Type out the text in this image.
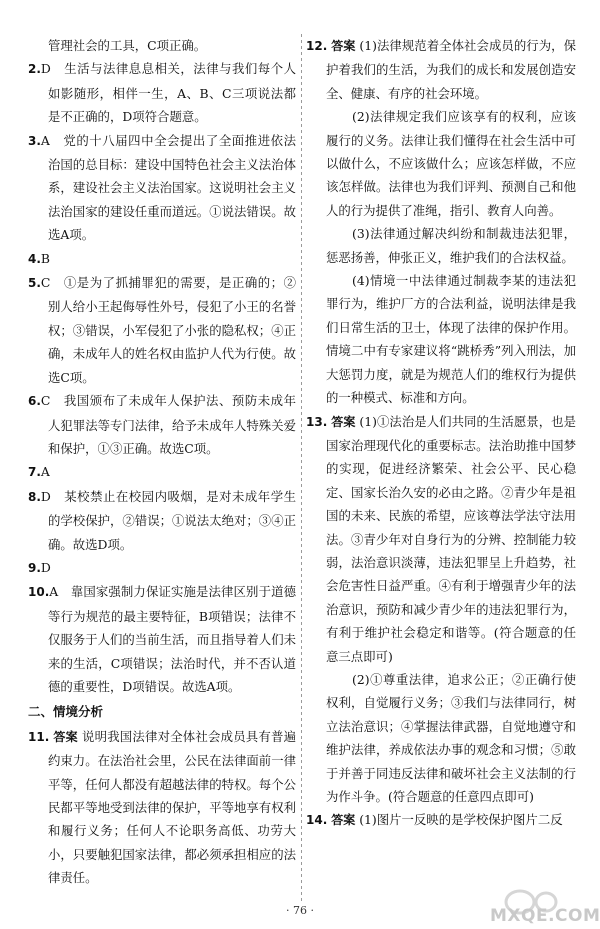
管理社会的工具，C项正确。
2.D　生活与法律息息相关，法律与我们每个人如影随形，相伴一生，A、B、C三项说法都是不正确的，D项符合题意。
3.A　党的十八届四中全会提出了全面推进依法治国的总目标：建设中国特色社会主义法治体系，建设社会主义法治国家。这说明社会主义法治国家的建设任重而道远。①说法错误。故选A项。
4.B
5.C　①是为了抓捕罪犯的需要，是正确的；②别人给小王起侮辱性外号，侵犯了小王的名誉权；③错误，小军侵犯了小张的隐私权；④正确，未成年人的姓名权由监护人代为行使。故选C项。
6.C　我国颁布了未成年人保护法、预防未成年人犯罪法等专门法律，给予未成年人特殊关爱和保护，①③正确。故选C项。
7.A
8.D　某校禁止在校园内吸烟，是对未成年学生的学校保护，②错误；①说法太绝对；③④正确。故选D项。
9.D
10.A　靠国家强制力保证实施是法律区别于道德等行为规范的最主要特征，B项错误；法律不仅服务于人们的当前生活，而且指导着人们未来的生活，C项错误；法治时代，并不否认道德的重要性，D项错误。故选A项。
二、情境分析
11. 答案 说明我国法律对全体社会成员具有普遍约束力。在法治社会里，公民在法律面前一律平等，任何人都没有超越法律的特权。每个公民都平等地受到法律的保护，平等地享有权利和履行义务；任何人不论职务高低、功劳大小，只要触犯国家法律，都必须承担相应的法律责任。
12. 答案 (1)法律规范着全体社会成员的行为，保护着我们的生活，为我们的成长和发展创造安全、健康、有序的社会环境。
(2)法律规定我们应该享有的权利，应该履行的义务。法律让我们懂得在社会生活中可以做什么，不应该做什么；应该怎样做，不应该怎样做。法律也为我们评判、预测自己和他人的行为提供了准绳，指引、教育人向善。
(3)法律通过解决纠纷和制裁违法犯罪，惩恶扬善，伸张正义，维护我们的合法权益。
(4)情境一中法律通过制裁李某的违法犯罪行为，维护厂方的合法利益，说明法律是我们日常生活的卫士，体现了法律的保护作用。情境二中有专家建议将“跳桥秀”列入刑法，加大惩罚力度，就是为规范人们的维权行为提供的一种模式、标准和方向。
13. 答案 (1)①法治是人们共同的生活愿景，也是国家治理现代化的重要标志。法治助推中国梦的实现，促进经济繁荣、社会公平、民心稳定、国家长治久安的必由之路。②青少年是祖国的未来、民族的希望，应该尊法学法守法用法。③青少年对自身行为的分辨、控制能力较弱，法治意识淡薄，违法犯罪呈上升趋势，社会危害性日益严重。④有利于增强青少年的法治意识，预防和减少青少年的违法犯罪行为，有利于维护社会稳定和谐等。(符合题意的任意三点即可)
(2)①尊重法律，追求公正；②正确行使权利，自觉履行义务；③我们与法律同行，树立法治意识；④掌握法律武器，自觉地遵守和维护法律，养成依法办事的观念和习惯；⑤敢于并善于同违反法律和破坏社会主义法制的行为作斗争。(符合题意的任意四点即可)
14. 答案 (1)图片一反映的是学校保护图片二反
· 76 ·	MXQE.COM
